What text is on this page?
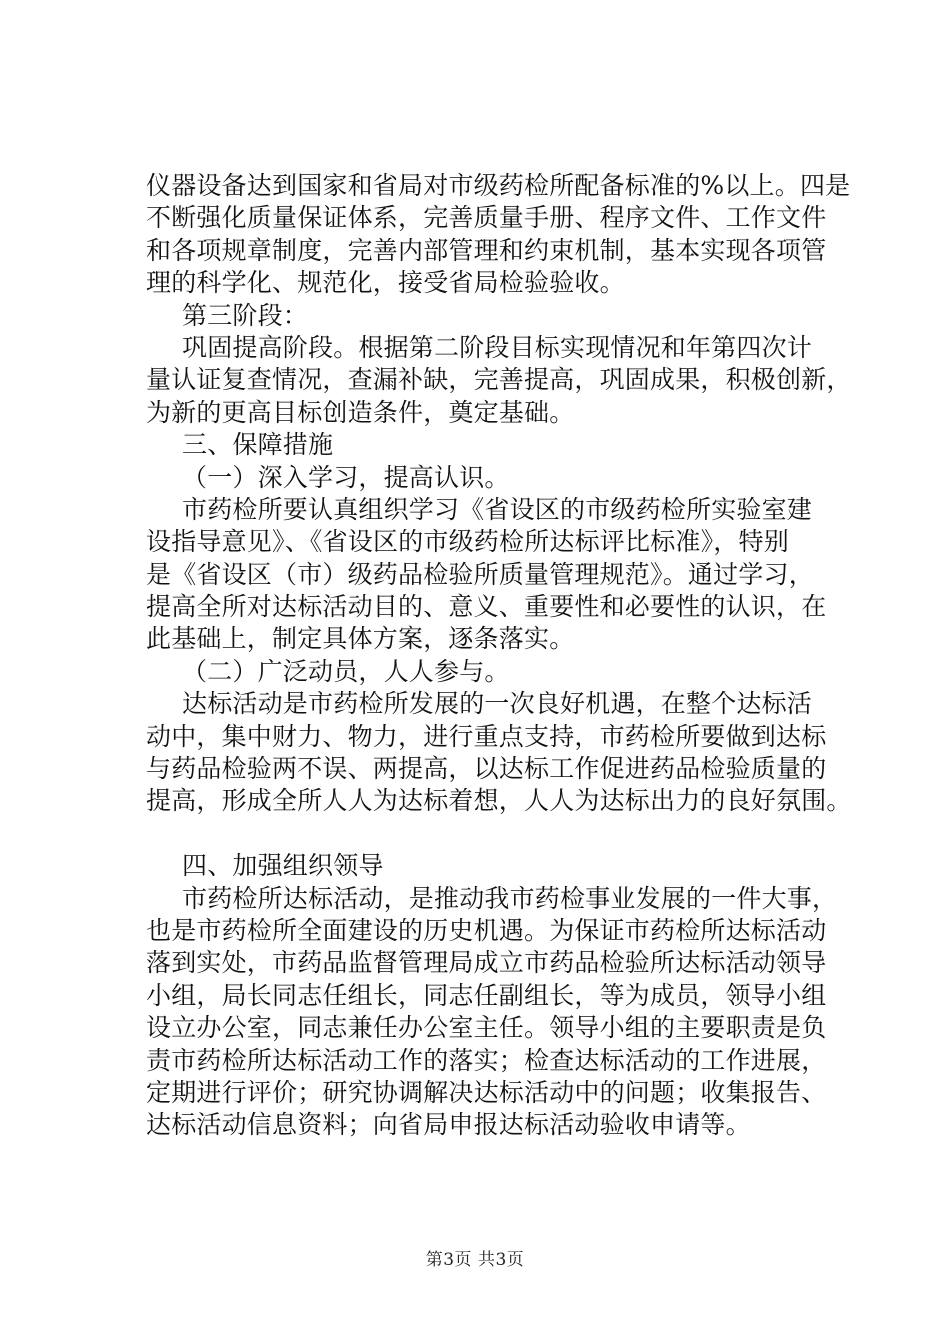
仪器设备达到国家和省局对市级药检所配备标准的%以上。四是
不断强化质量保证体系，完善质量手册、程序文件、工作文件
和各项规章制度，完善内部管理和约束机制，基本实现各项管
理的科学化、规范化，接受省局检验验收。
第三阶段：
巩固提高阶段。根据第二阶段目标实现情况和年第四次计
量认证复查情况，查漏补缺，完善提高，巩固成果，积极创新，
为新的更高目标创造条件，奠定基础。
三、保障措施
（一）深入学习，提高认识。
市药检所要认真组织学习《省设区的市级药检所实验室建
设指导意见》、《省设区的市级药检所达标评比标准》，特别
是《省设区（市）级药品检验所质量管理规范》。通过学习，
提高全所对达标活动目的、意义、重要性和必要性的认识，在
此基础上，制定具体方案，逐条落实。
（二）广泛动员，人人参与。
达标活动是市药检所发展的一次良好机遇，在整个达标活
动中，集中财力、物力，进行重点支持，市药检所要做到达标
与药品检验两不误、两提高，以达标工作促进药品检验质量的
提高，形成全所人人为达标着想，人人为达标出力的良好氛围。
四、加强组织领导
市药检所达标活动，是推动我市药检事业发展的一件大事，
也是市药检所全面建设的历史机遇。为保证市药检所达标活动
落到实处，市药品监督管理局成立市药品检验所达标活动领导
小组，局长同志任组长，同志任副组长，等为成员，领导小组
设立办公室，同志兼任办公室主任。领导小组的主要职责是负
责市药检所达标活动工作的落实；检查达标活动的工作进展，
定期进行评价；研究协调解决达标活动中的问题；收集报告、
达标活动信息资料；向省局申报达标活动验收申请等。
第3页 共3页
